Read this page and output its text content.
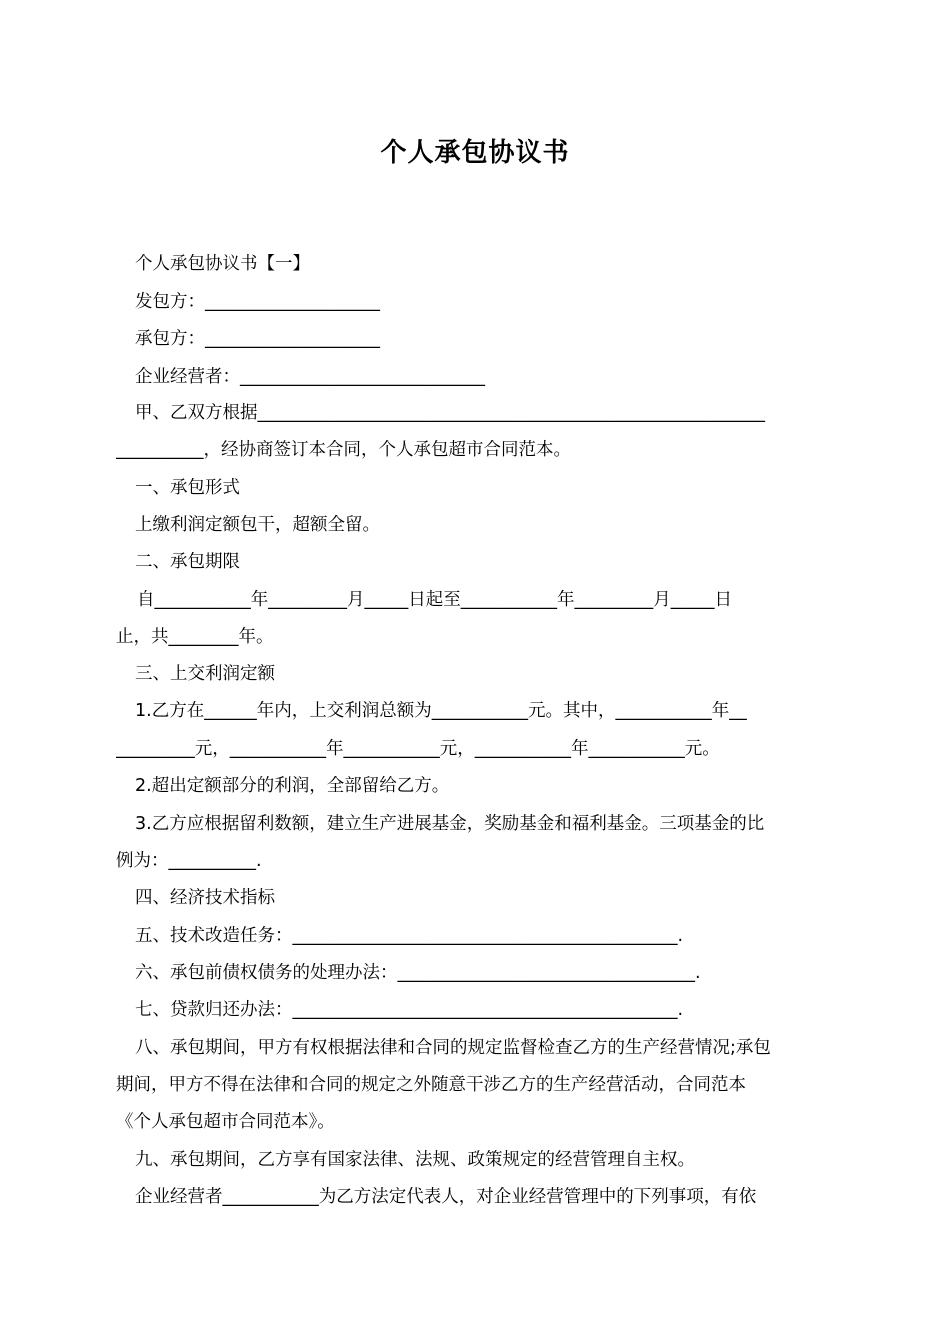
个人承包协议书
个人承包协议书【一】
发包方：____________________
承包方：____________________
企业经营者：____________________________
甲、乙双方根据__________________________________________________________
__________，经协商签订本合同，个人承包超市合同范本。
一、承包形式
上缴利润定额包干，超额全留。
二、承包期限
自___________年_________月_____日起至___________年_________月_____日
止，共________年。
三、上交利润定额
1.乙方在______年内，上交利润总额为___________元。其中，___________年__
_________元，___________年___________元，___________年___________元。
2.超出定额部分的利润，全部留给乙方。
3.乙方应根据留利数额，建立生产进展基金，奖励基金和福利基金。三项基金的比
例为：__________.
四、经济技术指标
五、技术改造任务：____________________________________________.
六、承包前债权债务的处理办法：__________________________________.
七、贷款归还办法：____________________________________________.
八、承包期间，甲方有权根据法律和合同的规定监督检查乙方的生产经营情况;承包
期间，甲方不得在法律和合同的规定之外随意干涉乙方的生产经营活动，合同范本
《个人承包超市合同范本》。
九、承包期间，乙方享有国家法律、法规、政策规定的经营管理自主权。
企业经营者___________为乙方法定代表人，对企业经营管理中的下列事项，有依
